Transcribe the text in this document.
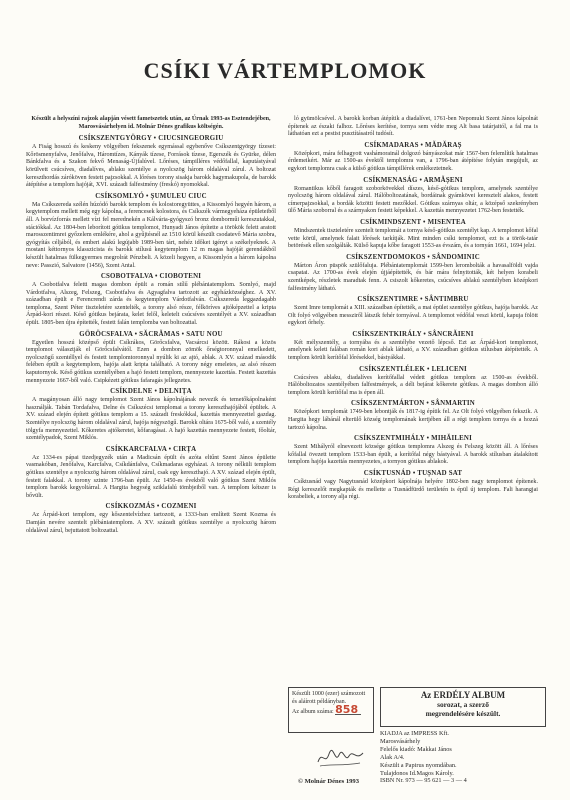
CSÍKI VÁRTEMPLOMOK

Készült a helyszíni rajzok alapján vésett fametszetek után, az Úrnak 1993-as Esztendejében, Marosvásárhelyen id. Molnár Dénes grafikus költségén.

CSÍKSZENTGYÖRGY • CIUCSINGEORGIU

A Fiság hosszú és keskeny völgyében fekszenek egymással egybenőve Csíkszentgyörgy tízesei: Kőrösmenyfalva, Jenőfalva, Háromtízes, Kányák tízese, Források tízese, Egerszék és Gyürke, délen Bánkfalva és a Szakon fekvő Menaság-Újfalúvel. Lőréses, támpilléres védőfallal, kaputástyával körülvett csúcsíves, diadalíves, ablaku szentélye a nyolcszög három oldalával zárul. A boltozat kereszthordás záróköven festett pajzsokkal. A lőréses torony sisakja barokk hagymakupola, de barokk átépítése a templom hajóját, XVI. századi falfestmény (freskó) nyomokkal.

CSÍKSOMLYÓ • ŞUMULEU CIUC

Ma Csíkszereda szélén húzódó barokk templom és kolostoregyüttes, a Kissomlyó hegyén három, a kegytemplom mellett még egy kápolna, a ferencesek kolostora, és Csíkszék vármegyeháza épületeiből áll. A borvízforrás mellett vízi fel merednekén a Kálvária-gyógyszó bronz domborműi kereszutakkal, stációkkal. Az 1804-ben leborított gótikus templomot, Hunyadi János építette a törökök felett aratott marosszentimrei győzelem emlékére, ahol a gyűjtésnél az 1510 körül készült csodatevő Mária szobra, gyógyítás céljából, és emberi alakú legújabb 1989-ben tárt, nehéz időket igényt a székelyeknek. A mostani kéttornyos klasszicista és barokk stílusú kegytemplom 12 m magas hajóját gerendákból készült hatalmas fülkegyermes megrolrát Pénzbeli. A közeli hegyen, a Kissomlyón a három kápolna neve: Passzió, Salvatore (1456), Szent Antal.

CSOBOTFALVA • CIOBOTENI

A Csobotfalva feletti magas dombon épült a román stílű plébániatemplom. Somlyó, majd Várdotfalva, Alszeg, Felszeg, Csobotfalva és Agyagfalva tartozott az egyházközséghez. A XV. században épült e Ferencrendi zárda és kegytemplom Várdotfalván. Csíkszereda leggazdagabb temploma, Szent Péter tiszteletére szentelték, a torony alsó része, félköríves ajtóképzettel a kripta Árpád-kori részei. Késő gótikus bejárata, kelet felől, keletelt csúcsíves szentélyét a XV. században épült. 1805-ben újra építették, festett falán templomba van boltozattal.

GÖRÖCSFALVA • SĂCRĂMAS • SATU NOU

Egyetlen hosszú középső épült Csíkrákos, Görőcsfalva, Vacsárcsi között. Rákosi a közös templomot választják el Görőcsfalvától. Ezen a dombon zömök őrségtoronnyal emelkedett, nyolcszögű szentéllyel és festett templomtoronnyal nyúlik ki az ajtó, ablak. A XV. század második felében épült a kegytemplom, hajója alatt kripta található. A torony négy emeletes, az alsó részen kaputornyok. Késő gótikus szentélyében a hajó festett templom, mennyezete kazettás. Festett kazettás mennyezete 1667-ből való. Csipkézett gótikus fafaragás jellegzetes.

CSÍKDELNE • DELNIȚA

A magányosan álló nagy templomot Szent János kápolnájának nevezik és temetőkápolnaként használják. Tabán Tordafalva, Delne és Csíkszécsi templomai a torony kereszthajójából épültek. A XV. század elején épített gótikus templom a 15. századi freskókkal, kazettás mennyezettel gazdag. Szentélye nyolcszög három oldalával zárul, hajója négyszögű. Barokk oltára 1675-ből való, a szentély tölgyfa mennyezettel. Kőkeretes ajtókeretei, kőfaragásai. A hajó kazettás mennyezete festett, főoltár, szentélypadok, Szent Miklós.

CSÍKKARCFALVA • CIRȚA

Az 1334-es pápai tizedjegyzék után a Madicsán épült és azóta eltűnt Szent János épülette vasmakóban, Jenőfalva, Karcfalva, Csíkdánfalva, Csíkmadaras egyházai. A torony nélküli templom gótikus szentélye a nyolcszög három oldalával zárul, csak egy kereszthajó. A XV. század elején épült, festett falakkal. A torony szinte 1796-ban épült. Az 1450-es évekből való gótikus Szent Miklós templom barokk kegyoltárral. A Hargita hegység sziklafalú tömbjeiből van. A templom kétszer is bővült.

CSÍKKOZMÁS • COZMENI

Az Árpád-kori templom, egy kőszentelvízhez tartozott, a 1333-ban említett Szent Kozma és Damján nevére szentelt plébániatemplom. A XV. századi gótikus szentélye a nyolcszög három oldalával zárul, bejuttatott boltozattal.

ló gyümölcsével. A barokk korban átépítik a diadalívet, 1761-ben Nepomuki Szent János kápolnát építenek az északi falhoz. Lőréses kerítése, tornya sem védte meg Alt basa tatárjaitól, a fal ma is láthatóan ezt a pestist pusztításairól tudósít.

CSÍKMADARAS • MĂDĂRAȘ

Középkori, mára felhagyott vashámorainál dolgozó bányászokat már 1567-ben felemlítik hatalmas érdemeikért. Már az 1500-as évektől templomra van, a 1796-ban átépítése folytán megújult, az egykori templomra csak a külső gótikus támpillérek emlékeztetnek.

CSÍKMENASÁG • ARMĂȘENI

Romantikus kőből faragott szoborkövekkel díszes, késő-gótikus templom, amelynek szentélye nyolcszög három oldalával zárul. Hálóboltozatának, bordáinak gyámkövei keresztelt alakos, festett címerpajzsokkal, a bordák közötti festett mezőkkel. Gótikus szárnyas oltár, a középső szekrényben ülő Mária szoborral és a szárnyakon festett képekkel. A kazettás mennyezetet 1762-ben festették.

CSÍKMINDSZENT • MISENTEA

Mindszentek tiszteletére szentelt templomát a tornya késő-gótikus szentélyt kap. A templomot kőfal vette körül, amelynek falait lőrések tarkítják. Mint minden csíki templomot, ezt is a török-tatár betörések ellen szolgálták. Külső kapuja kőbe faragott 1553-as évszám, és a tornyán 1661, 1694 jelzi.

CSÍKSZENTDOMOKOS • SÂNDOMINIC

Márton Áron püspök szülőfaluja. Plébániatemplomát 1599-ben lerombolták a havasalföldi vajda csapatai. Az 1700-as évek elején újjáépítették, és bár mára felnyitották, két helyen korabeli szentképek, részletek maradtak fenn. A csiszolt kőkeretes, csúcsíves ablakú szentélyben középkori falfestmény látható.

CSÍKSZENTIMRE • SÂNTIMBRU

Szent Imre templomát a XIII. században építették, a mai épület szentélye gótikus, hajója barokk. Az Olt folyó völgyében messziről látszik fehér tornyával. A templomot védőfal veszi körül, kapuja fölött egykori őrhely.

CSÍKSZENTKIRÁLY • SÂNCRĂIENI

Két mélyszentély, a tornyába és a szentélybe vezető lépcső. Ezt az Árpád-kori templomot, amelynek keleti falában román kori ablak látható, a XV. században gótikus stílusban átépítették. A templom körüli kerítőfal lőrésekkel, bástyákkal.

CSÍKSZENTLÉLEK • LELICENI

Csúcsíves ablaku, diadalíves kerítőfallal védett gótikus templom az 1500-as évekből. Hálóboltozatos szentélyében falfestmények, a déli bejárat kőkerete gótikus. A magas dombon álló templom körüli kerítőfal ma is épen áll.

CSÍKSZENTMÁRTON • SÂNMARTIN

Középkori templomát 1749-ben lebontják és 1817-ig építik fel. Az Olt folyó völgyében fekszik. A Hargita hegy lábánál elterülő község templomának kertjében áll a régi templom tornya és a hozzá tartozó kápolna.

CSÍKSZENTMIHÁLY • MIHĂILENI

Szent Mihályról elnevezett községe gótikus templomra Alszeg és Felszeg között áll. A lőréses kőfallal övezett templom 1533-ban épült, a kerítőfal négy bástyával. A barokk stílusban átalakított templom hajója kazettás mennyezetes, a tornyon gótikus ablakok.

CSÍKTUSNÁD • TUȘNAD SAT

Csíktusnád vagy Nagytusnád középkori kápolnája helyére 1802-ben nagy templomot építenek. Régi kereszelőt megkapták és mellette a Tusnádfürdő területén is épül új templom. Fali harangjai korabeliek, a torony alja régi.

Készült 1000 (ezer) számozott és aláírott példányban.
Az album száma: 858
Az ERDÉLY ALBUM
sorozat, a szerző
megrendelésére készült.
KIADJA az IMPRESS Kft.
Marosvásárhely
Felelős kiadó: Makkai János
Alak A/4.
Készült a Papirus nyomdában.
Tulajdonos Id.Magos Károly.
ISBN Nr. 973 — 95 621 — 3 — 4
© Molnár Dénes 1993
